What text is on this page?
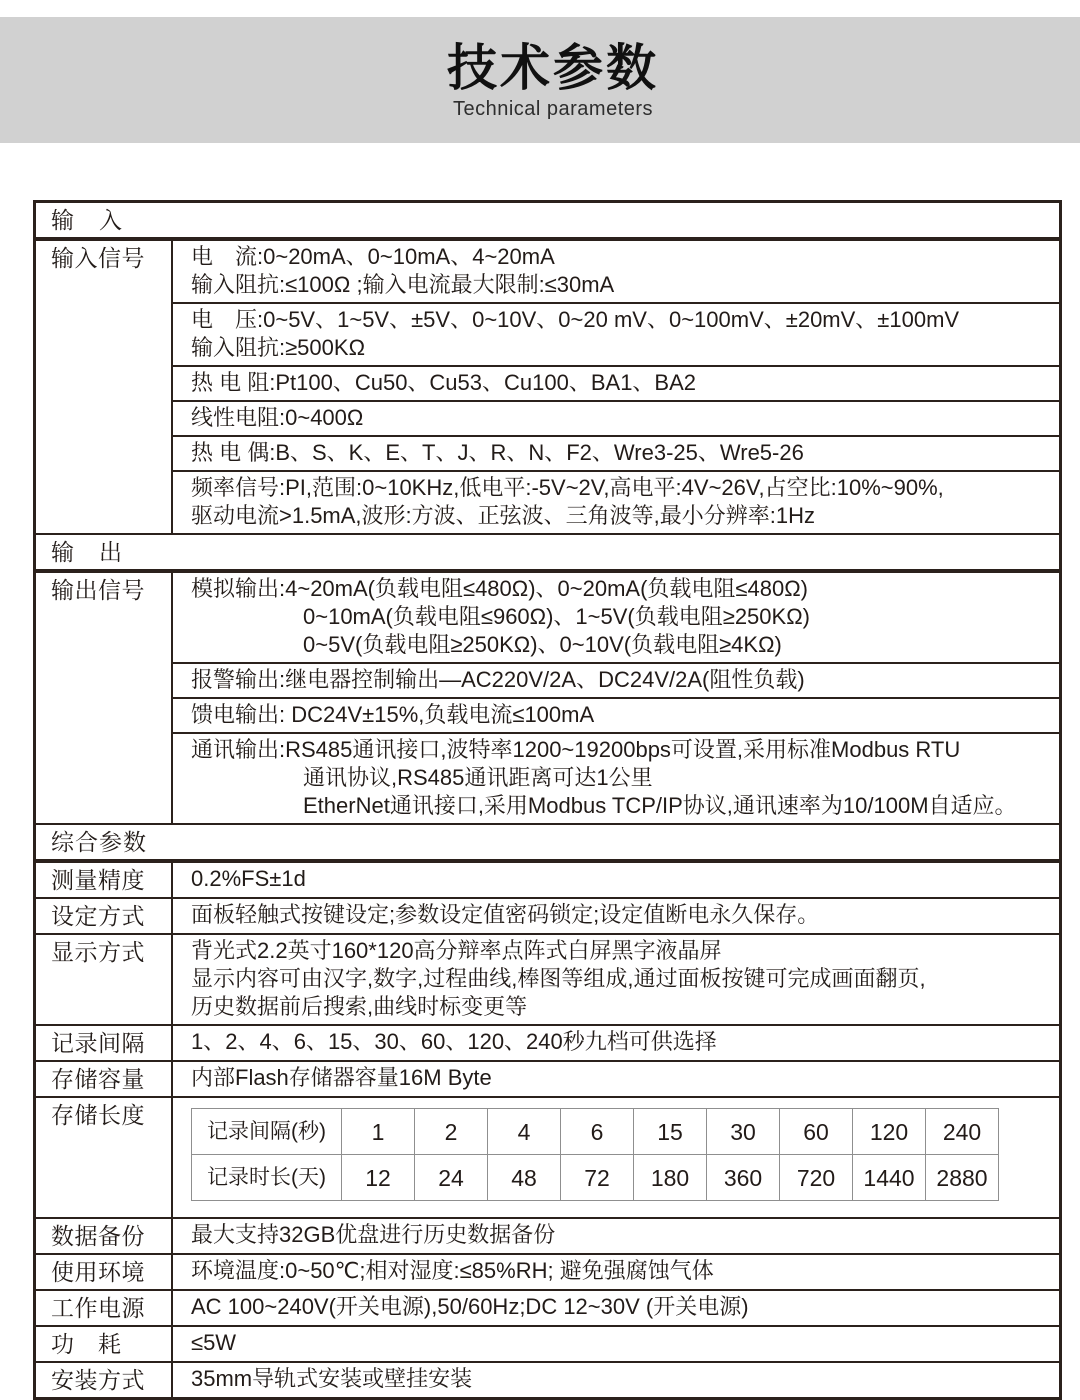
技术参数
Technical parameters
输　入
输入信号	电　流:0~20mA、0~10mA、4~20mA
输入阻抗:≤100Ω ;输入电流最大限制:≤30mA
电　压:0~5V、1~5V、±5V、0~10V、0~20 mV、0~100mV、±20mV、±100mV
输入阻抗:≥500KΩ
热 电 阻:Pt100、Cu50、Cu53、Cu100、BA1、BA2
线性电阻:0~400Ω
热 电 偶:B、S、K、E、T、J、R、N、F2、Wre3-25、Wre5-26
频率信号:PI,范围:0~10KHz,低电平:-5V~2V,高电平:4V~26V,占空比:10%~90%,
驱动电流>1.5mA,波形:方波、正弦波、三角波等,最小分辨率:1Hz
输　出
输出信号	模拟输出:4~20mA(负载电阻≤480Ω)、0~20mA(负载电阻≤480Ω)
0~10mA(负载电阻≤960Ω)、1~5V(负载电阻≥250KΩ)
0~5V(负载电阻≥250KΩ)、0~10V(负载电阻≥4KΩ)
报警输出:继电器控制输出—AC220V/2A、DC24V/2A(阻性负载)
馈电输出: DC24V±15%,负载电流≤100mA
通讯输出:RS485通讯接口,波特率1200~19200bps可设置,采用标准Modbus RTU
通讯协议,RS485通讯距离可达1公里
EtherNet通讯接口,采用Modbus TCP/IP协议,通讯速率为10/100M自适应。
综合参数
测量精度	0.2%FS±1d
设定方式	面板轻触式按键设定;参数设定值密码锁定;设定值断电永久保存。
显示方式	背光式2.2英寸160*120高分辩率点阵式白屏黑字液晶屏
显示内容可由汉字,数字,过程曲线,棒图等组成,通过面板按键可完成画面翻页,
历史数据前后搜索,曲线时标变更等
记录间隔	1、2、4、6、15、30、60、120、240秒九档可供选择
存储容量	内部Flash存储器容量16M Byte
存储长度
记录间隔(秒)	1	2	4	6	15	30	60	120	240
记录时长(天)	12	24	48	72	180	360	720	1440	2880
数据备份	最大支持32GB优盘进行历史数据备份
使用环境	环境温度:0~50℃;相对湿度:≤85%RH; 避免强腐蚀气体
工作电源	AC 100~240V(开关电源),50/60Hz;DC 12~30V (开关电源)
功　耗	≤5W
安装方式	35mm导轨式安装或壁挂安装
